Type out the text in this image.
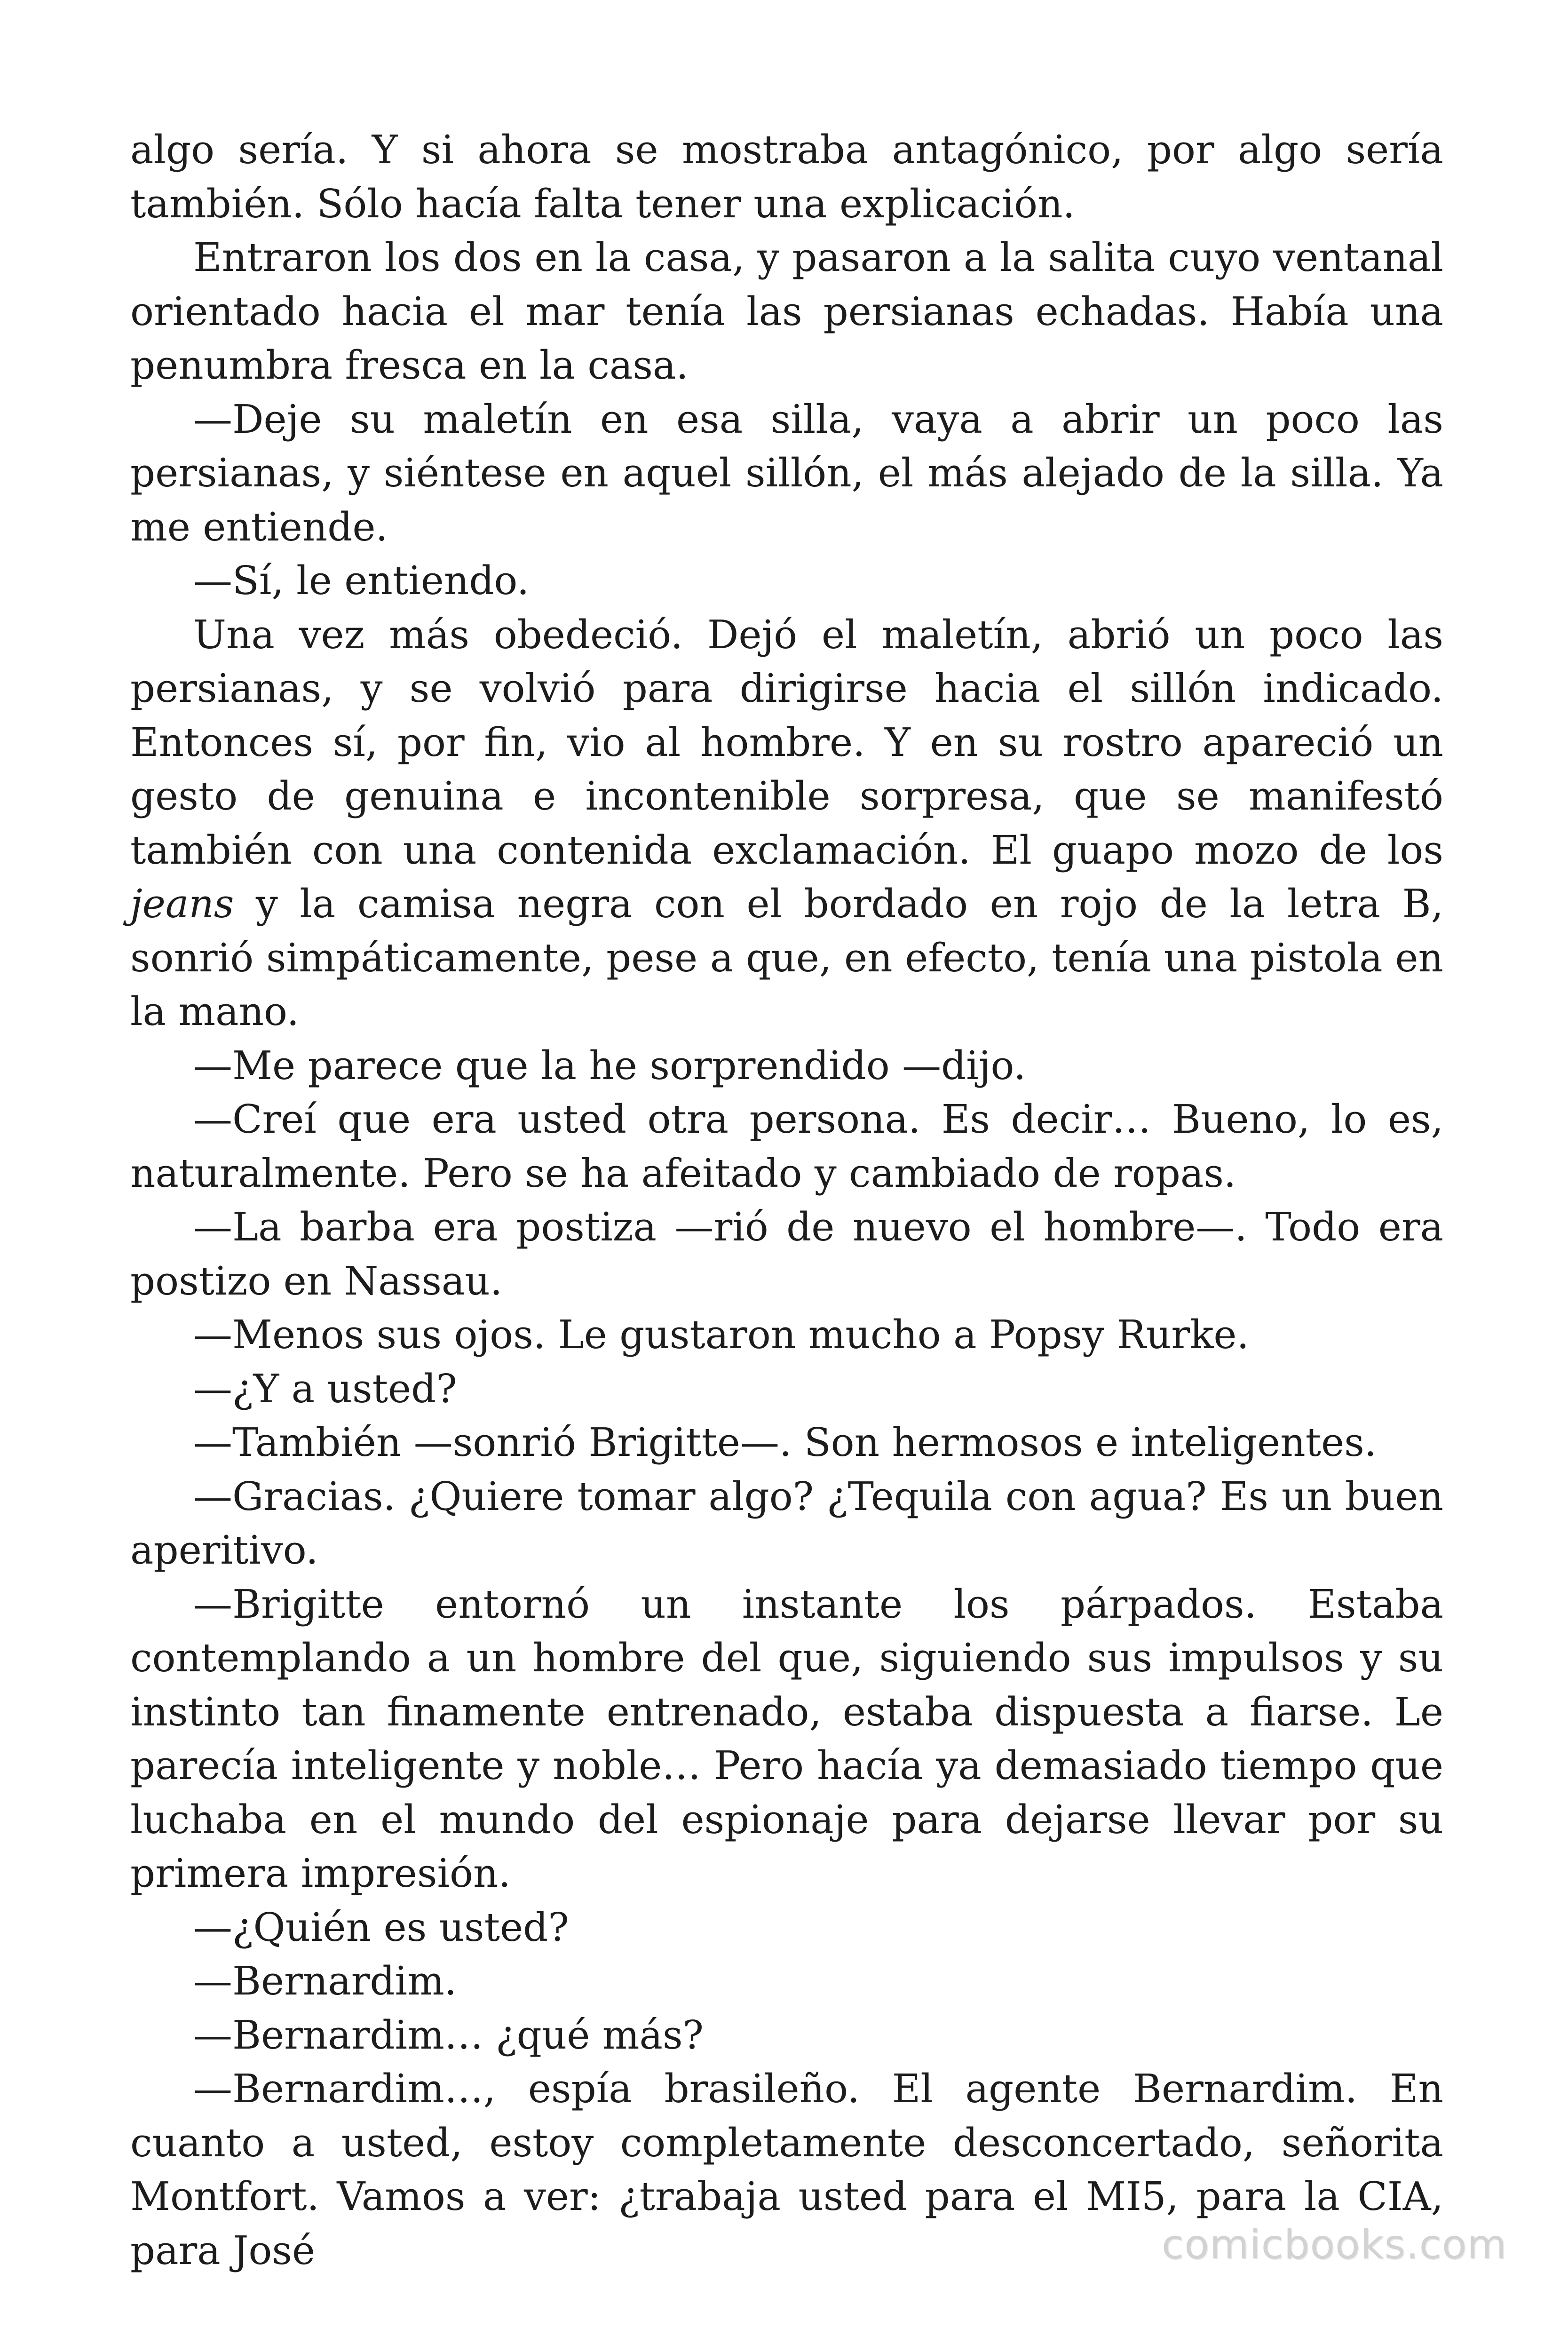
algo sería. Y si ahora se mostraba antagónico, por algo sería también. Sólo hacía falta tener una explicación.

Entraron los dos en la casa, y pasaron a la salita cuyo ventanal orientado hacia el mar tenía las persianas echadas. Había una penumbra fresca en la casa.

—Deje su maletín en esa silla, vaya a abrir un poco las persianas, y siéntese en aquel sillón, el más alejado de la silla. Ya me entiende.

—Sí, le entiendo.

Una vez más obedeció. Dejó el maletín, abrió un poco las persianas, y se volvió para dirigirse hacia el sillón indicado. Entonces sí, por fin, vio al hombre. Y en su rostro apareció un gesto de genuina e incontenible sorpresa, que se manifestó también con una contenida exclamación. El guapo mozo de los jeans y la camisa negra con el bordado en rojo de la letra B, sonrió simpáticamente, pese a que, en efecto, tenía una pistola en la mano.

—Me parece que la he sorprendido —dijo.

—Creí que era usted otra persona. Es decir… Bueno, lo es, naturalmente. Pero se ha afeitado y cambiado de ropas.

—La barba era postiza —rió de nuevo el hombre—. Todo era postizo en Nassau.

—Menos sus ojos. Le gustaron mucho a Popsy Rurke.

—¿Y a usted?

—También —sonrió Brigitte—. Son hermosos e inteligentes.

—Gracias. ¿Quiere tomar algo? ¿Tequila con agua? Es un buen aperitivo.

—Brigitte entornó un instante los párpados. Estaba contemplando a un hombre del que, siguiendo sus impulsos y su instinto tan finamente entrenado, estaba dispuesta a fiarse. Le parecía inteligente y noble… Pero hacía ya demasiado tiempo que luchaba en el mundo del espionaje para dejarse llevar por su primera impresión.

—¿Quién es usted?

—Bernardim.

—Bernardim… ¿qué más?

—Bernardim…, espía brasileño. El agente Bernardim. En cuanto a usted, estoy completamente desconcertado, señorita Montfort. Vamos a ver: ¿trabaja usted para el MI5, para la CIA, para José	comicbooks.com
